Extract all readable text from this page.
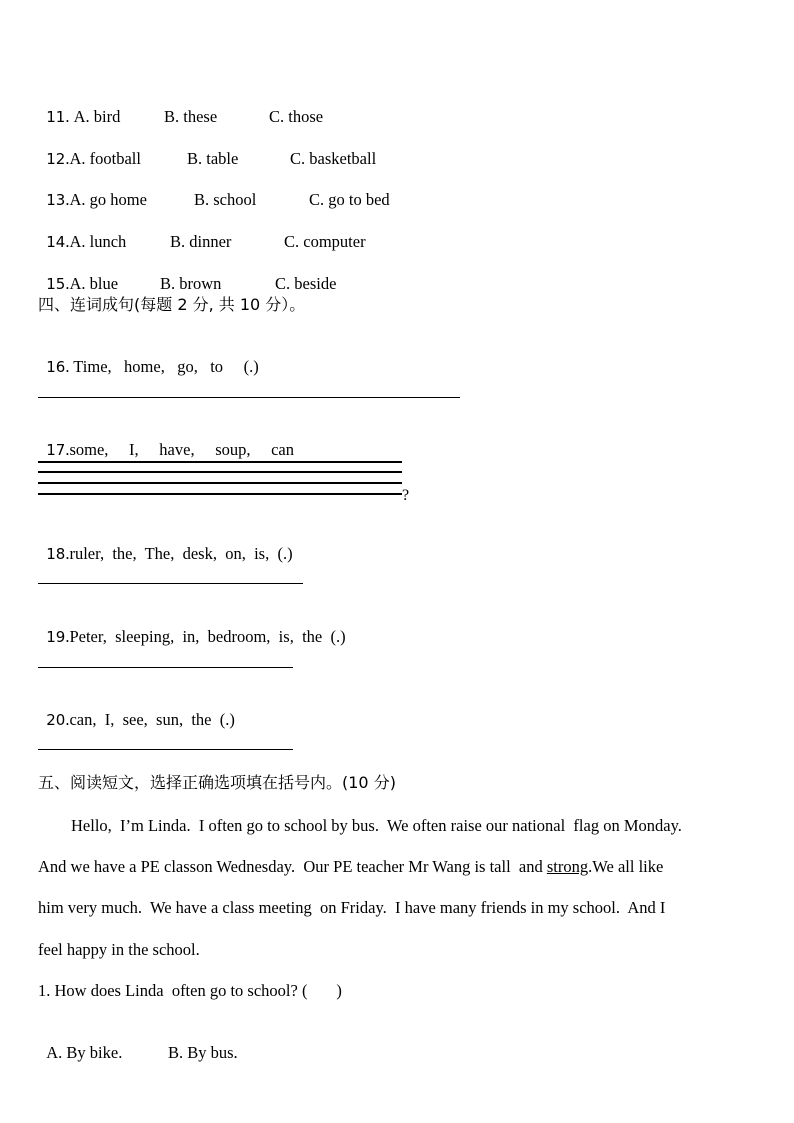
11. A. bird	B. these	C. those

12.A. football	B. table	C. basketball

13.A. go home	B. school	C. go to bed

14.A. lunch	B. dinner	C. computer

15.A. blue	B. brown	C. beside

四、连词成句(每题 2 分, 共 10 分）。

16. Time,   home,   go,   to     (.)

17.some,     I,     have,     soup,     can

?

18.ruler,  the,  The,  desk,  on,  is,  (.)

19.Peter,  sleeping,  in,  bedroom,  is,  the  (.)

20.can,  I,  see,  sun,  the  (.)

五、阅读短文，选择正确选项填在括号内。(10 分)
Hello,  I’m Linda.  I often go to school by bus.  We often raise our national  flag on Monday.
And we have a PE classon Wednesday.  Our PE teacher Mr Wang is tall  and strong.We all like
him very much.  We have a class meeting  on Friday.  I have many friends in my school.  And I
feel happy in the school.
1. How does Linda  often go to school? (       )

A. By bike.	B. By bus.
